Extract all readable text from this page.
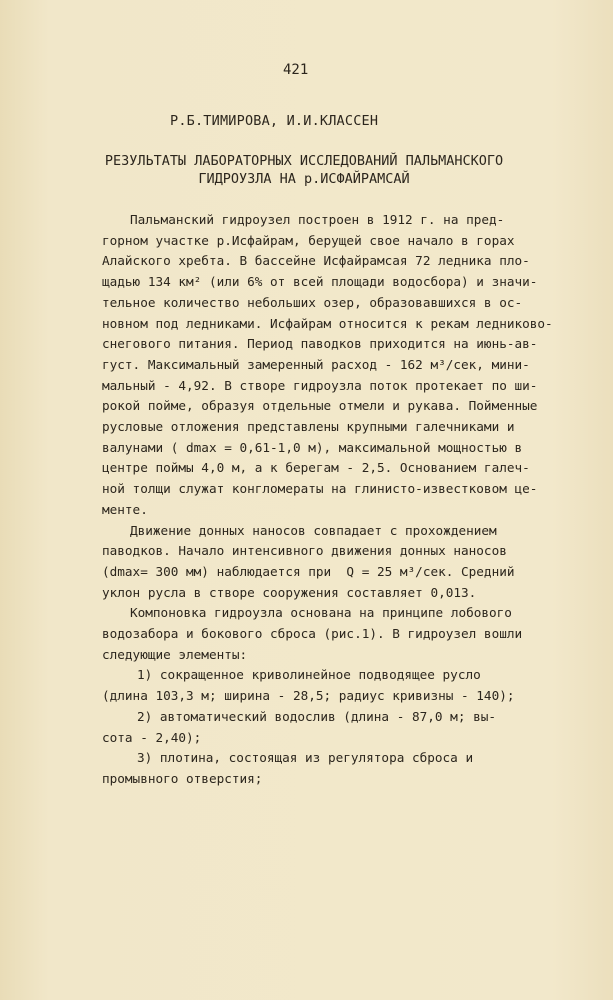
421
Р.Б.ТИМИРОВА, И.И.КЛАССЕН
РЕЗУЛЬТАТЫ ЛАБОРАТОРНЫХ ИССЛЕДОВАНИЙ ПАЛЬМАНСКОГО
ГИДРОУЗЛА НА р.ИСФАЙРАМСАЙ
Пальманский гидроузел построен в 1912 г. на пред-
горном участке р.Исфайрам, берущей свое начало в горах
Алайского хребта. В бассейне Исфайрамсая 72 ледника пло-
щадью 134 км² (или 6% от всей площади водосбора) и значи-
тельное количество небольших озер, образовавшихся в ос-
новном под ледниками. Исфайрам относится к рекам ледниково-
снегового питания. Период паводков приходится на июнь-ав-
густ. Максимальный замеренный расход - 162 м³/сек, мини-
мальный - 4,92. В створе гидроузла поток протекает по ши-
рокой пойме, образуя отдельные отмели и рукава. Пойменные
русловые отложения представлены крупными галечниками и
валунами ( dmax = 0,61-1,0 м), максимальной мощностью в
центре поймы 4,0 м, а к берегам - 2,5. Основанием галеч-
ной толщи служат конгломераты на глинисто-известковом це-
менте.
Движение донных наносов совпадает с прохождением
паводков. Начало интенсивного движения донных наносов
(dmax= 300 мм) наблюдается при  Q = 25 м³/сек. Средний
уклон русла в створе сооружения составляет 0,013.
Компоновка гидроузла основана на принципе лобового
водозабора и бокового сброса (рис.1). В гидроузел вошли
следующие элементы:
1) сокращенное криволинейное подводящее русло
(длина 103,3 м; ширина - 28,5; радиус кривизны - 140);
2) автоматический водослив (длина - 87,0 м; вы-
сота - 2,40);
3) плотина, состоящая из регулятора сброса и
промывного отверстия;
